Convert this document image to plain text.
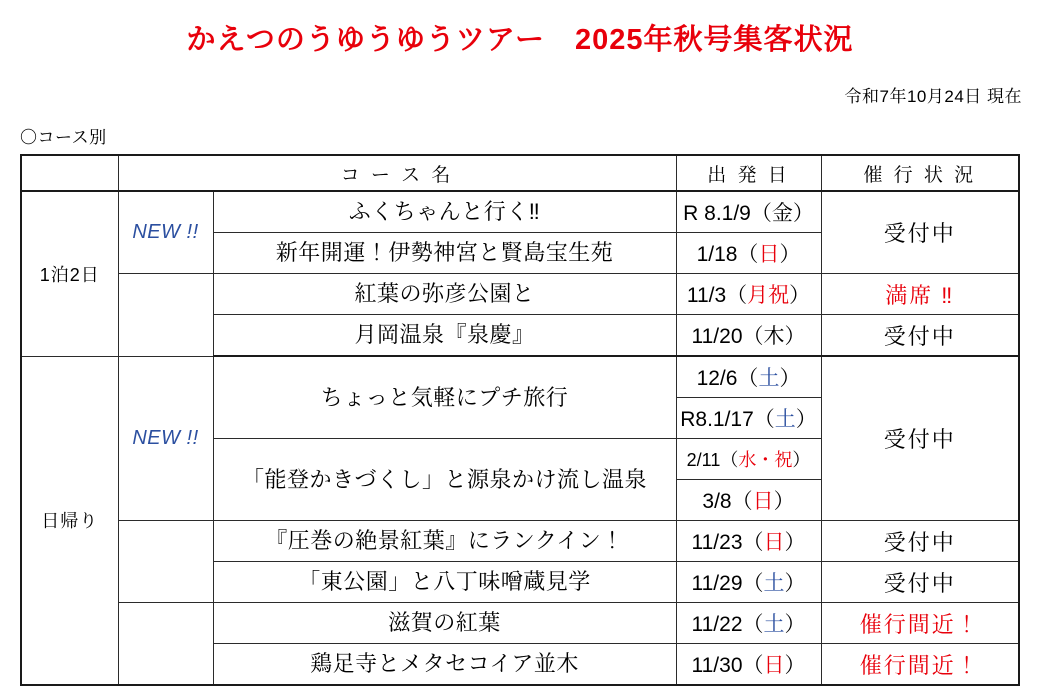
かえつのうゆうゆうツアー　2025年秋号集客状況
令和7年10月24日 現在
〇コース別
	コ ー ス 名		出 発 日	催 行 状 況
1泊2日	NEW !!	ふくちゃんと行く‼	R 8.1/9（金）	受付中
		新年開運！伊勢神宮と賢島宝生苑	1/18（日）	
		紅葉の弥彦公園と	11/3（月祝）	満席 ‼
		月岡温泉『泉慶』	11/20（木）	受付中
日帰り	NEW !!	ちょっと気軽にプチ旅行	12/6（土）	受付中
			R8.1/17（土）	
		「能登かきづくし」と源泉かけ流し温泉	2/11（水・祝）	
			3/8（日）	
		『圧巻の絶景紅葉』にランクイン！	11/23（日）	受付中
		「東公園」と八丁味噌蔵見学	11/29（土）	受付中
		滋賀の紅葉	11/22（土）	催行間近！
		鶏足寺とメタセコイア並木	11/30（日）	催行間近！
